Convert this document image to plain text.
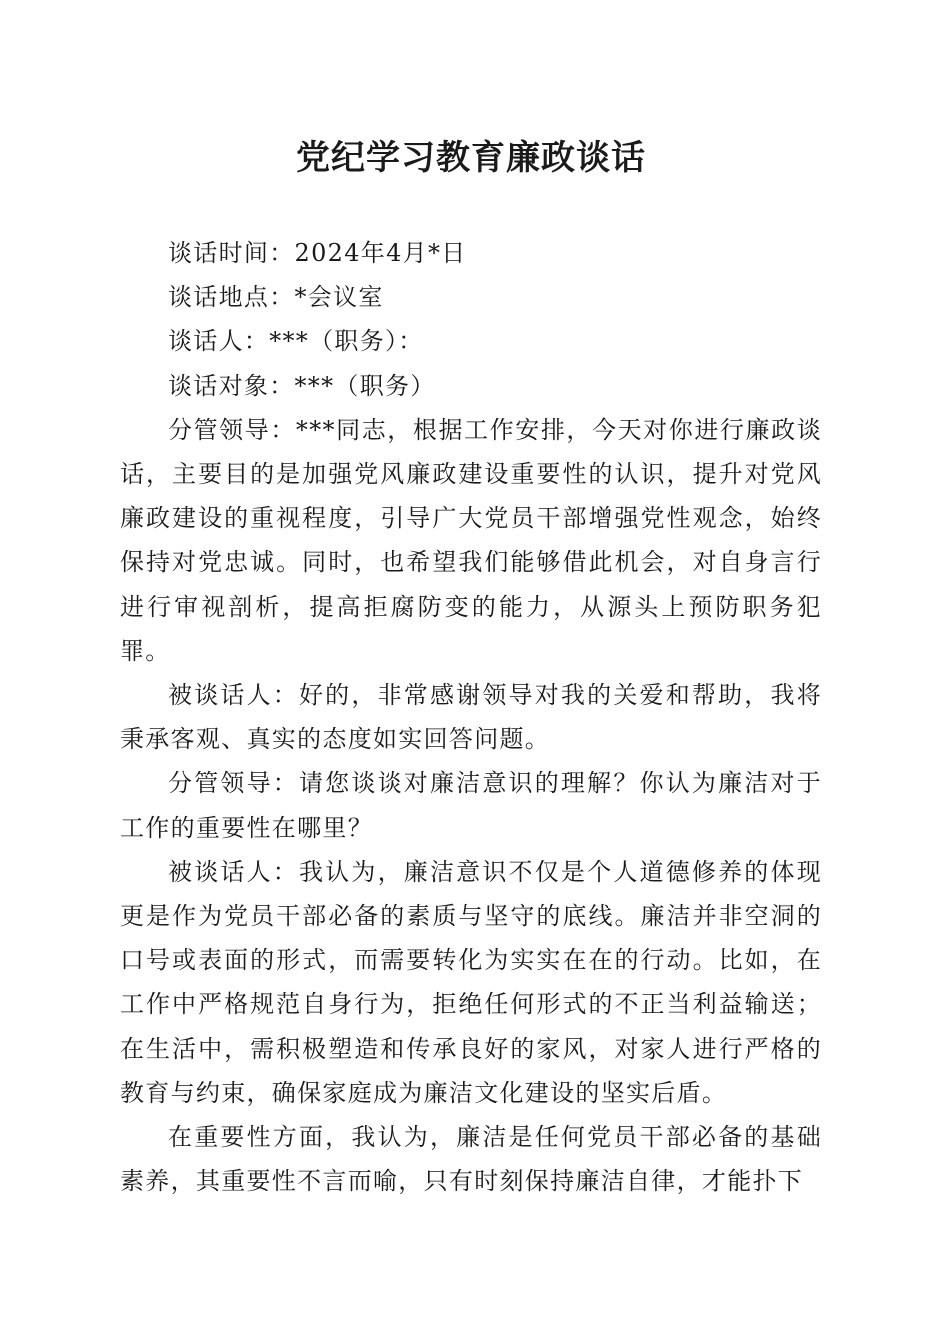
党纪学习教育廉政谈话

谈话时间：2024年4月*日

谈话地点：*会议室

谈话人：***（职务）：

谈话对象：***（职务）

分管领导：***同志，根据工作安排，今天对你进行廉政谈话，主要目的是加强党风廉政建设重要性的认识，提升对党风廉政建设的重视程度，引导广大党员干部增强党性观念，始终保持对党忠诚。同时，也希望我们能够借此机会，对自身言行进行审视剖析，提高拒腐防变的能力，从源头上预防职务犯罪。

被谈话人：好的，非常感谢领导对我的关爱和帮助，我将秉承客观、真实的态度如实回答问题。

分管领导：请您谈谈对廉洁意识的理解？你认为廉洁对于工作的重要性在哪里？

被谈话人：我认为，廉洁意识不仅是个人道德修养的体现更是作为党员干部必备的素质与坚守的底线。廉洁并非空洞的口号或表面的形式，而需要转化为实实在在的行动。比如，在工作中严格规范自身行为，拒绝任何形式的不正当利益输送；在生活中，需积极塑造和传承良好的家风，对家人进行严格的教育与约束，确保家庭成为廉洁文化建设的坚实后盾。

在重要性方面，我认为，廉洁是任何党员干部必备的基础素养，其重要性不言而喻，只有时刻保持廉洁自律，才能扑下
